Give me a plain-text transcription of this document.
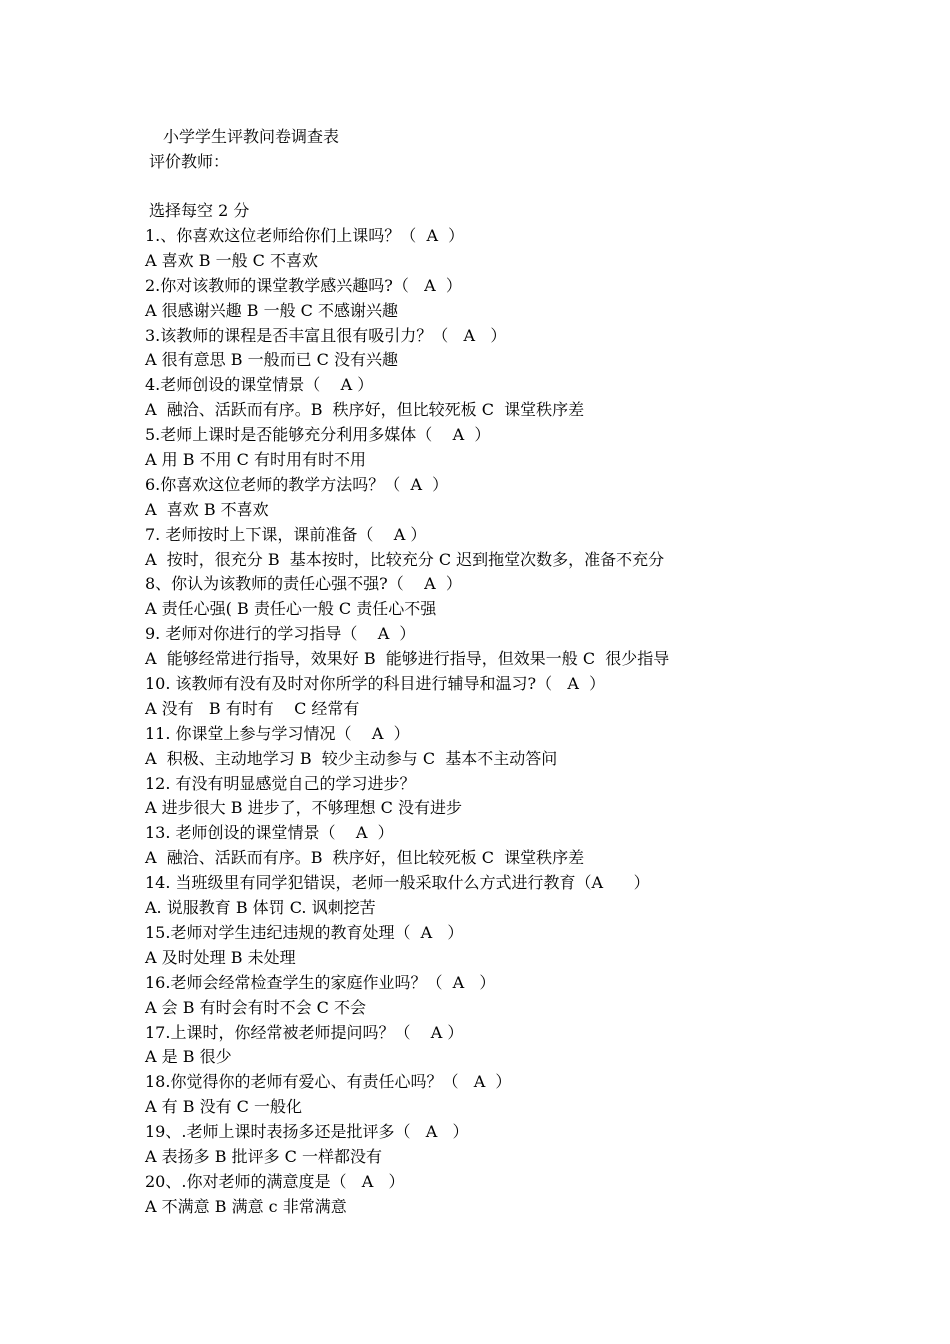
小学学生评教问卷调查表
评价教师：
选择每空 2 分

1.、你喜欢这位老师给你们上课吗？（  A  ）

A 喜欢 B 一般 C 不喜欢

2.你对该教师的课堂教学感兴趣吗?（   A  ）

A 很感谢兴趣 B 一般 C 不感谢兴趣

3.该教师的课程是否丰富且很有吸引力？（   A   ）

A 很有意思 B 一般而已 C 没有兴趣

4.老师创设的课堂情景（    A ）

A  融洽、活跃而有序。B  秩序好，但比较死板 C  课堂秩序差

5.老师上课时是否能够充分利用多媒体（    A  ）

A 用 B 不用 C 有时用有时不用

6.你喜欢这位老师的教学方法吗？（  A  ）

A  喜欢 B 不喜欢

7. 老师按时上下课，课前准备（    A ）

A  按时，很充分 B  基本按时，比较充分 C 迟到拖堂次数多，准备不充分

8、你认为该教师的责任心强不强?（    A  ）

A 责任心强( B 责任心一般 C 责任心不强

9. 老师对你进行的学习指导（    A  ）

A  能够经常进行指导，效果好 B  能够进行指导，但效果一般 C  很少指导

10. 该教师有没有及时对你所学的科目进行辅导和温习?（   A  ）

A 没有   B 有时有    C 经常有

11. 你课堂上参与学习情况（    A  ）

A  积极、主动地学习 B  较少主动参与 C  基本不主动答问

12. 有没有明显感觉自己的学习进步？

A 进步很大 B 进步了，不够理想 C 没有进步

13. 老师创设的课堂情景（    A  ）

A  融洽、活跃而有序。B  秩序好，但比较死板 C  课堂秩序差

14. 当班级里有同学犯错误，老师一般采取什么方式进行教育（A      ）

A. 说服教育 B 体罚 C. 讽刺挖苦

15.老师对学生违纪违规的教育处理（  A   ）

A 及时处理 B 未处理

16.老师会经常检查学生的家庭作业吗？（  A   ）

A 会 B 有时会有时不会 C 不会

17.上课时，你经常被老师提问吗？（    A ）

A 是 B 很少

18.你觉得你的老师有爱心、有责任心吗？（   A  ）

A 有 B 没有 C 一般化

19、.老师上课时表扬多还是批评多（   A   ）

A 表扬多 B 批评多 C 一样都没有

20、.你对老师的满意度是（   A   ）

A 不满意 B 满意 c 非常满意
